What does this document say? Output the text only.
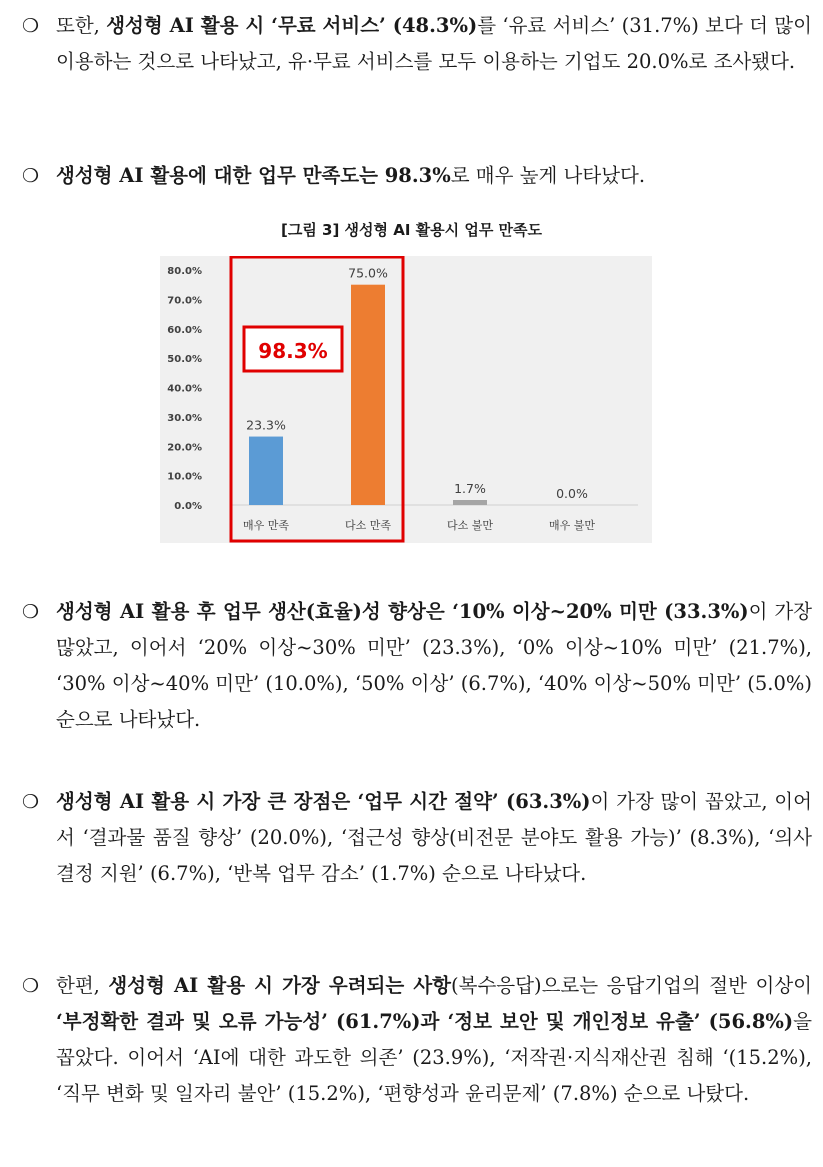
❍ 또한, 생성형 AI 활용 시 ‘무료 서비스’ (48.3%)를 ‘유료 서비스’ (31.7%) 보다 더 많이 이용하는 것으로 나타났고, 유·무료 서비스를 모두 이용하는 기업도 20.0%로 조사됐다.
❍ 생성형 AI 활용에 대한 업무 만족도는 98.3%로 매우 높게 나타났다.
[그림 3] 생성형 AI 활용시 업무 만족도
0.0%
10.0%
20.0%
30.0%
40.0%
50.0%
60.0%
70.0%
80.0%
23.3%
매우 만족
75.0%
다소 만족
1.7%
다소 불만
0.0%
매우 불만
98.3%
❍ 생성형 AI 활용 후 업무 생산(효율)성 향상은 ‘10% 이상~20% 미만 (33.3%)이 가장 많았고, 이어서 ‘20% 이상~30% 미만’ (23.3%), ‘0% 이상~10% 미만’ (21.7%), ‘30% 이상~40% 미만’ (10.0%), ‘50% 이상’ (6.7%), ‘40% 이상~50% 미만’ (5.0%) 순으로 나타났다.
❍ 생성형 AI 활용 시 가장 큰 장점은 ‘업무 시간 절약’ (63.3%)이 가장 많이 꼽았고, 이어서 ‘결과물 품질 향상’ (20.0%), ‘접근성 향상(비전문 분야도 활용 가능)’ (8.3%), ‘의사결정 지원’ (6.7%), ‘반복 업무 감소’ (1.7%) 순으로 나타났다.
❍ 한편, 생성형 AI 활용 시 가장 우려되는 사항(복수응답)으로는 응답기업의 절반 이상이 ‘부정확한 결과 및 오류 가능성’ (61.7%)과 ‘정보 보안 및 개인정보 유출’ (56.8%)을 꼽았다. 이어서 ‘AI에 대한 과도한 의존’ (23.9%), ‘저작권·지식재산권 침해 ‘(15.2%), ‘직무 변화 및 일자리 불안’ (15.2%), ‘편향성과 윤리문제’ (7.8%) 순으로 나탔다.
